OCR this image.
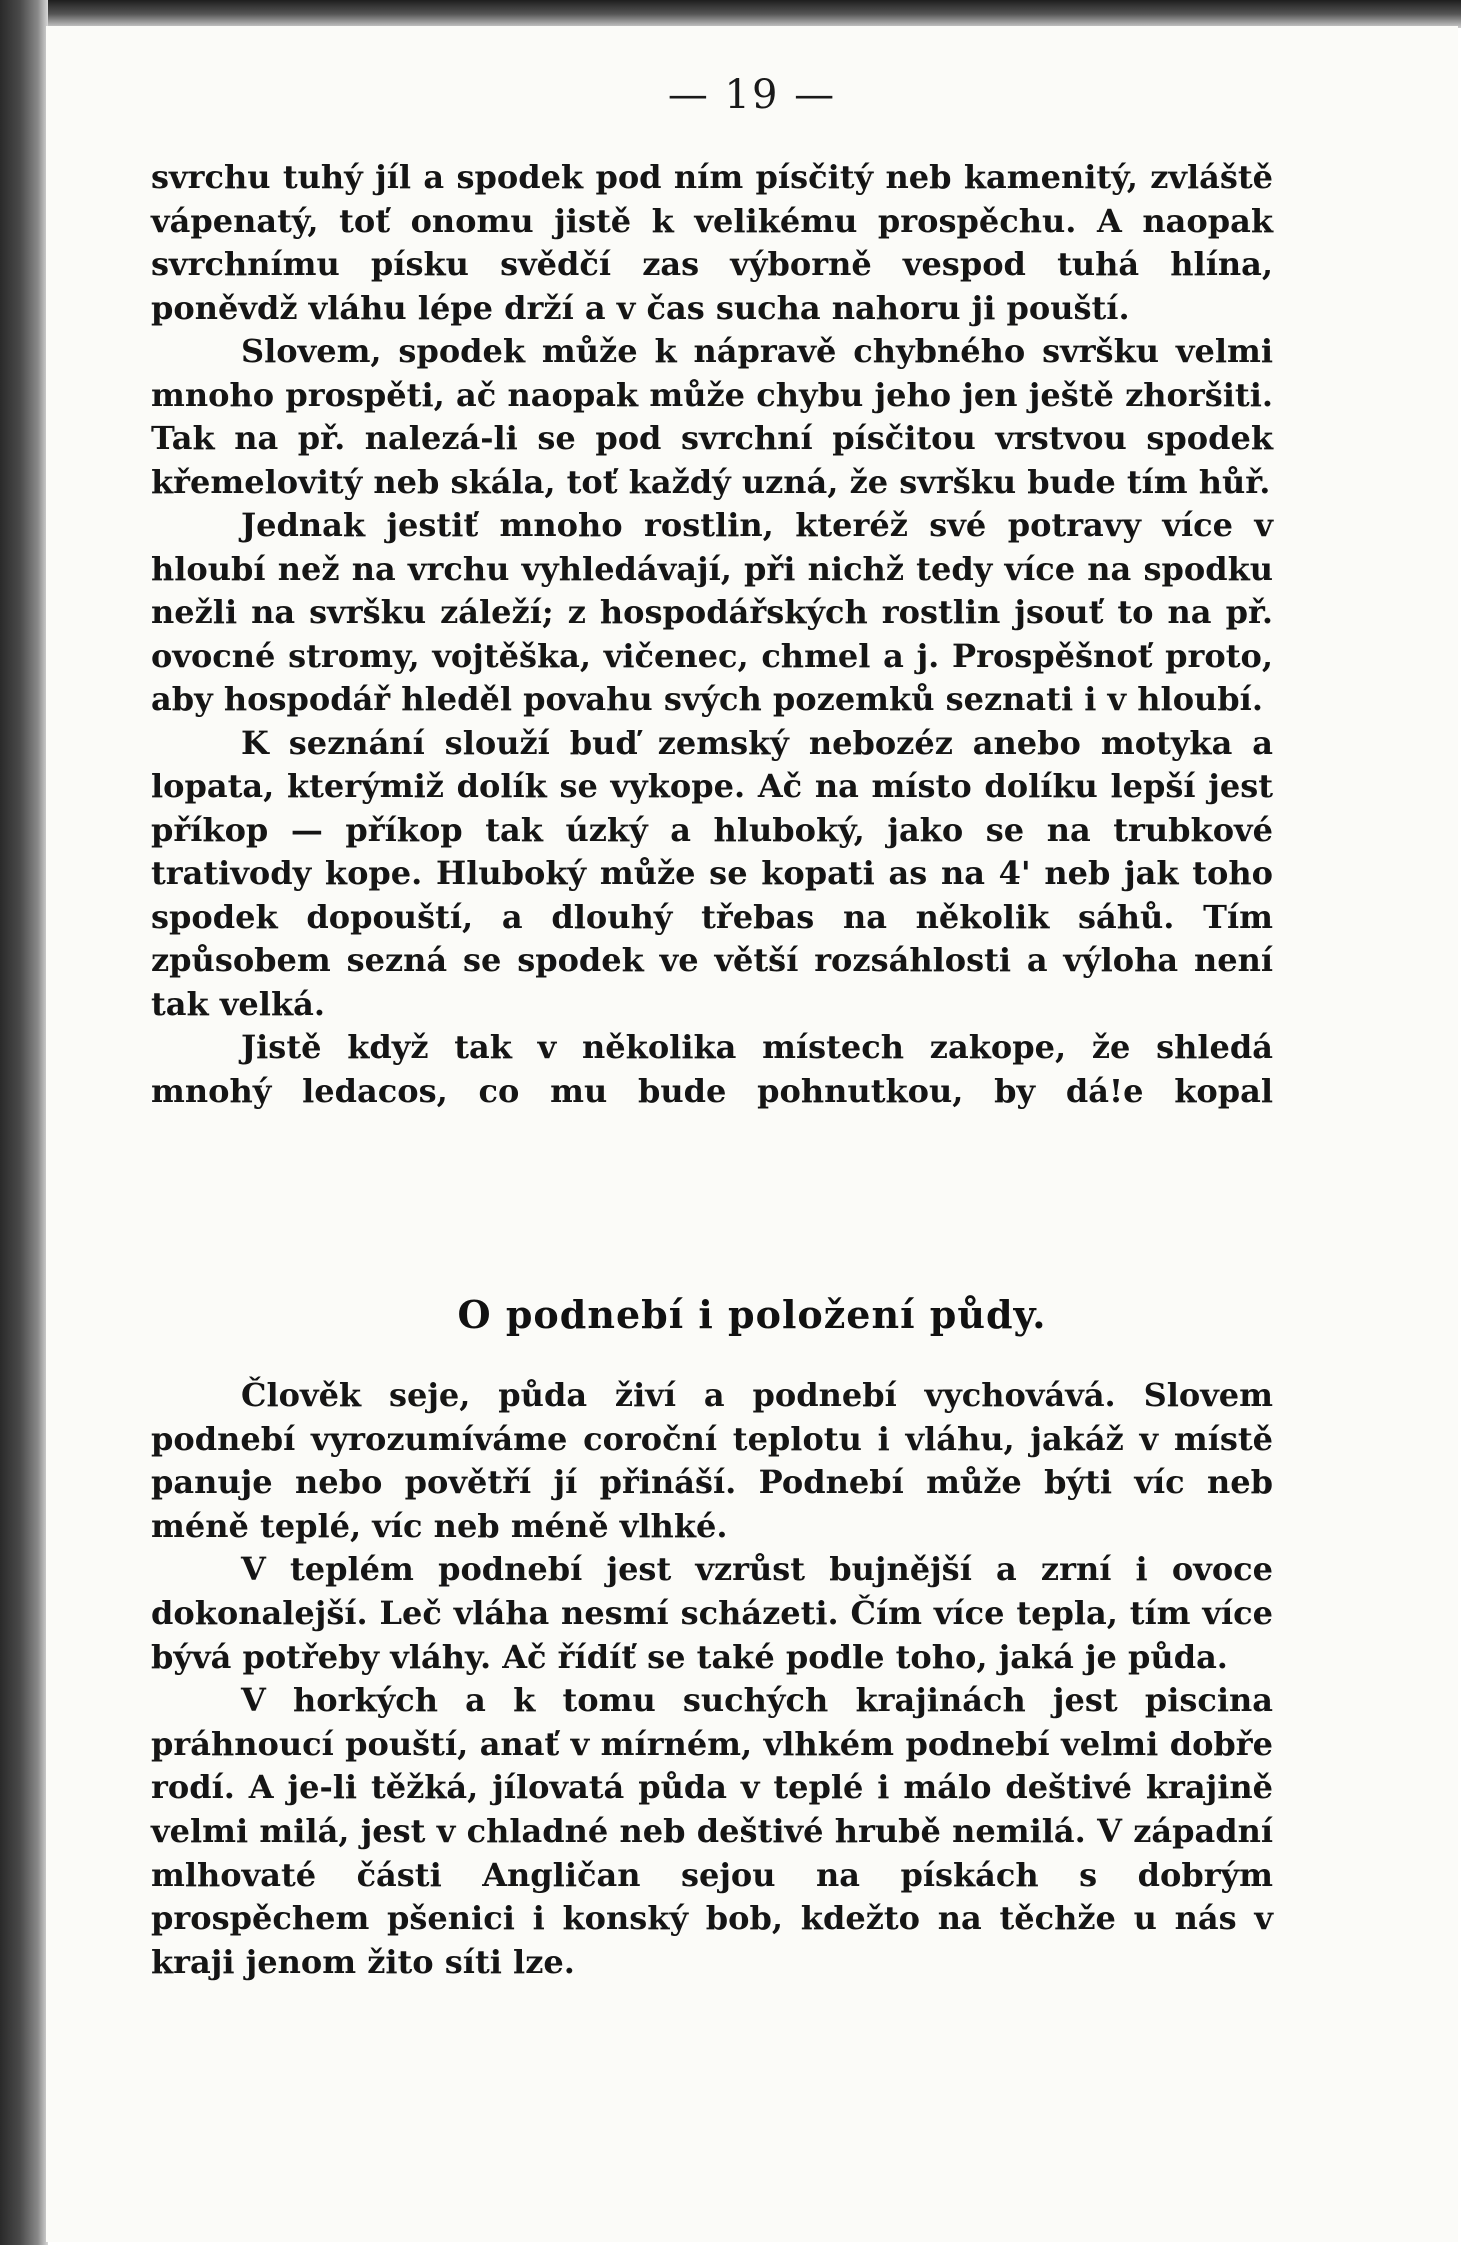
— 19 —

svrchu tuhý jíl a spodek pod ním písčitý neb kamenitý, zvláště vápenatý, toť onomu jistě k velikému prospěchu. A naopak svrchnímu písku svědčí zas výborně vespod tuhá hlína, poněvdž vláhu lépe drží a v čas sucha nahoru ji pouští.

Slovem, spodek může k nápravě chybného svršku velmi mnoho prospěti, ač naopak může chybu jeho jen ještě zhoršiti. Tak na př. nalezá-li se pod svrchní písčitou vrstvou spodek křemelovitý neb skála, toť každý uzná, že svršku bude tím hůř.

Jednak jestiť mnoho rostlin, kteréž své potravy více v hloubí než na vrchu vyhledávají, při nichž tedy více na spodku nežli na svršku záleží; z hospodářských rostlin jsouť to na př. ovocné stromy, vojtěška, vičenec, chmel a j. Prospěšnoť proto, aby hospodář hleděl povahu svých pozemků seznati i v hloubí.

K seznání slouží buď zemský nebozéz anebo motyka a lopata, kterýmiž dolík se vykope. Ač na místo dolíku lepší jest příkop — příkop tak úzký a hluboký, jako se na trubkové trativody kope. Hluboký může se kopati as na 4' neb jak toho spodek dopouští, a dlouhý třebas na několik sáhů. Tím způsobem sezná se spodek ve větší rozsáhlosti a výloha není tak velká.

Jistě když tak v několika místech zakope, že shledá mnohý ledacos, co mu bude pohnutkou, by dá!e kopal

O podnebí i položení půdy.

Člověk seje, půda živí a podnebí vychovává. Slovem podnebí vyrozumíváme coroční teplotu i vláhu, jakáž v místě panuje nebo povětří jí přináší. Podnebí může býti víc neb méně teplé, víc neb méně vlhké.

V teplém podnebí jest vzrůst bujnější a zrní i ovoce dokonalejší. Leč vláha nesmí scházeti. Čím více tepla, tím více bývá potřeby vláhy. Ač řídíť se také podle toho, jaká je půda.

V horkých a k tomu suchých krajinách jest piscina práhnoucí pouští, anať v mírném, vlhkém podnebí velmi dobře rodí. A je-li těžká, jílovatá půda v teplé i málo deštivé krajině velmi milá, jest v chladné neb deštivé hrubě nemilá. V západní mlhovaté části Angličan sejou na pískách s dobrým prospěchem pšenici i konský bob, kdežto na těchže u nás v kraji jenom žito síti lze.
